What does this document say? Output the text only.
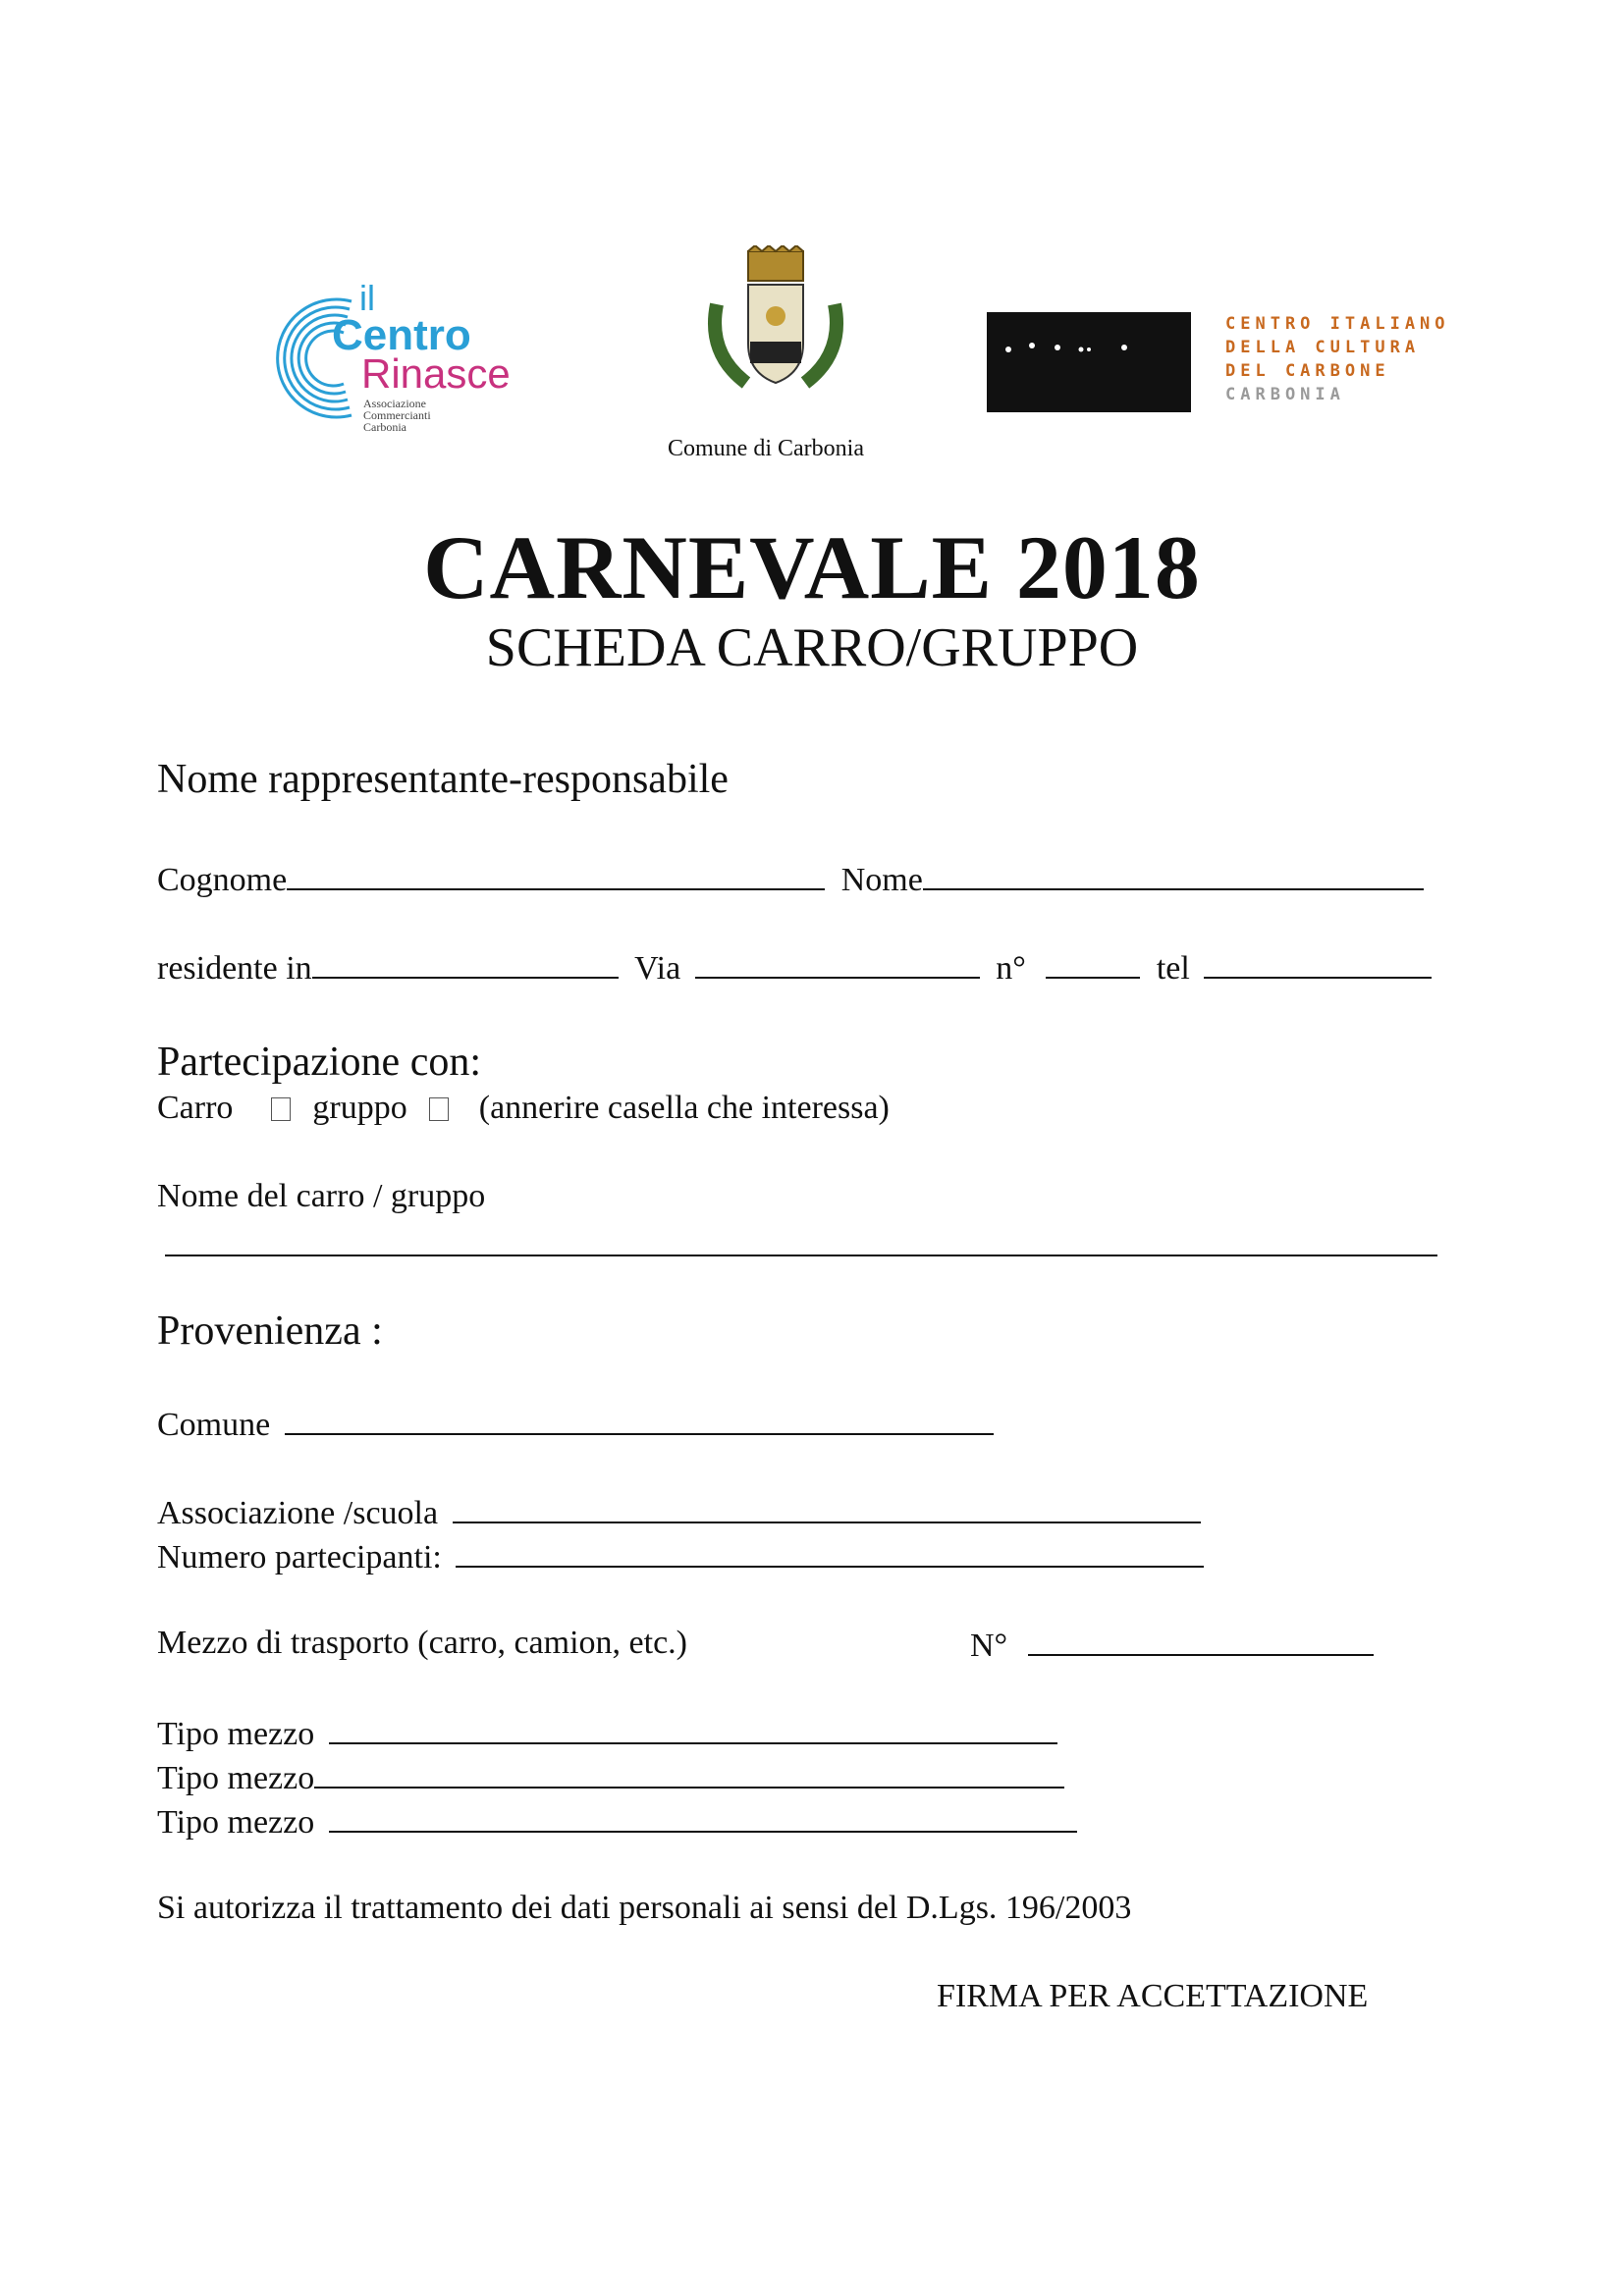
il
Centro
Rinasce
Associazione
Commercianti
Carbonia
Comune di Carbonia
CENTRO ITALIANO
DELLA CULTURA
DEL CARBONE
CARBONIA
CARNEVALE 2018
SCHEDA CARRO/GRUPPO
Nome rappresentante-responsabile
Cognome	Nome
residente in	Via	n°	tel
Partecipazione con:
Carro gruppo (annerire casella che interessa)
Nome del carro / gruppo
Provenienza :
Comune
Associazione /scuola
Numero partecipanti:
Mezzo di trasporto (carro, camion, etc.)	N°
Tipo mezzo
Tipo mezzo
Tipo mezzo
Si autorizza il trattamento dei dati personali ai sensi del D.Lgs. 196/2003
FIRMA PER ACCETTAZIONE
